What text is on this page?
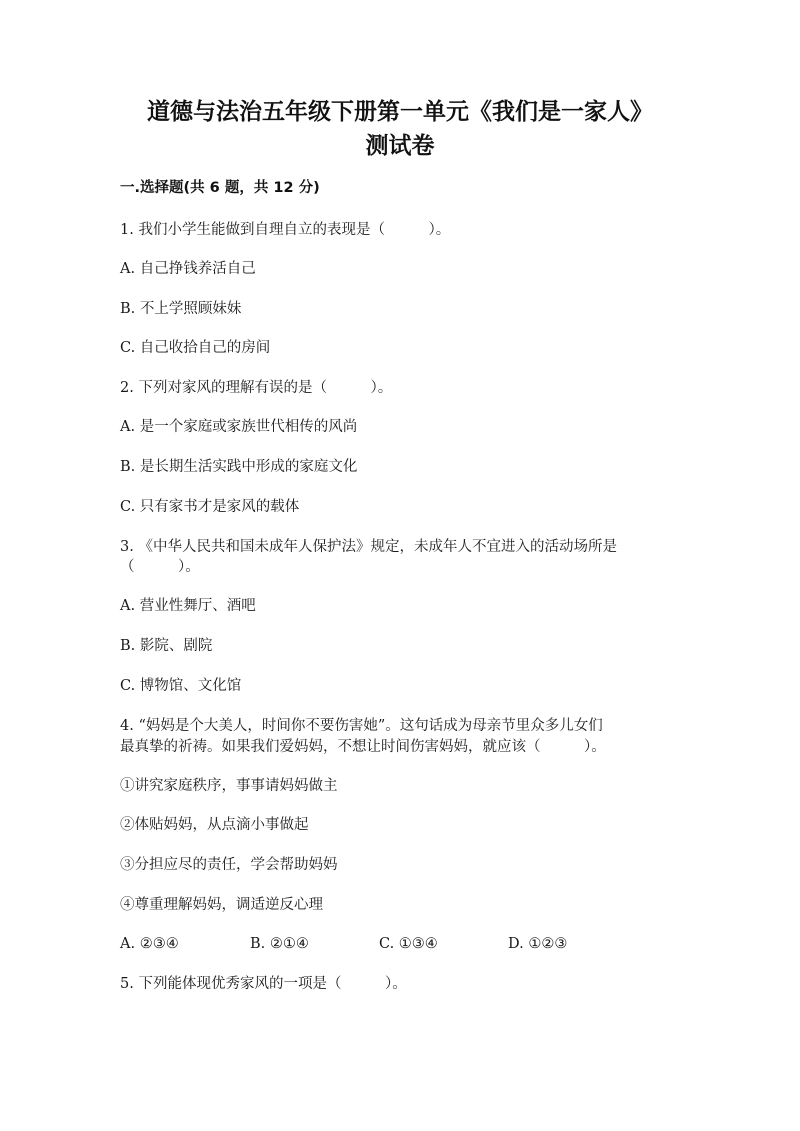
道德与法治五年级下册第一单元《我们是一家人》
测试卷
一.选择题(共 6 题，共 12 分)
1. 我们小学生能做到自理自立的表现是（　　　）。
A. 自己挣钱养活自己
B. 不上学照顾妹妹
C. 自己收拾自己的房间
2. 下列对家风的理解有误的是（　　　）。
A. 是一个家庭或家族世代相传的风尚
B. 是长期生活实践中形成的家庭文化
C. 只有家书才是家风的载体
3. 《中华人民共和国未成年人保护法》规定，未成年人不宜进入的活动场所是
（　　　）。
A. 营业性舞厅、酒吧
B. 影院、剧院
C. 博物馆、文化馆
4. “妈妈是个大美人，时间你不要伤害她”。这句话成为母亲节里众多儿女们
最真挚的祈祷。如果我们爱妈妈，不想让时间伤害妈妈，就应该（　　　）。
①讲究家庭秩序，事事请妈妈做主
②体贴妈妈，从点滴小事做起
③分担应尽的责任，学会帮助妈妈
④尊重理解妈妈，调适逆反心理
A. ②③④	B. ②①④	C. ①③④	D. ①②③
5. 下列能体现优秀家风的一项是（　　　）。
